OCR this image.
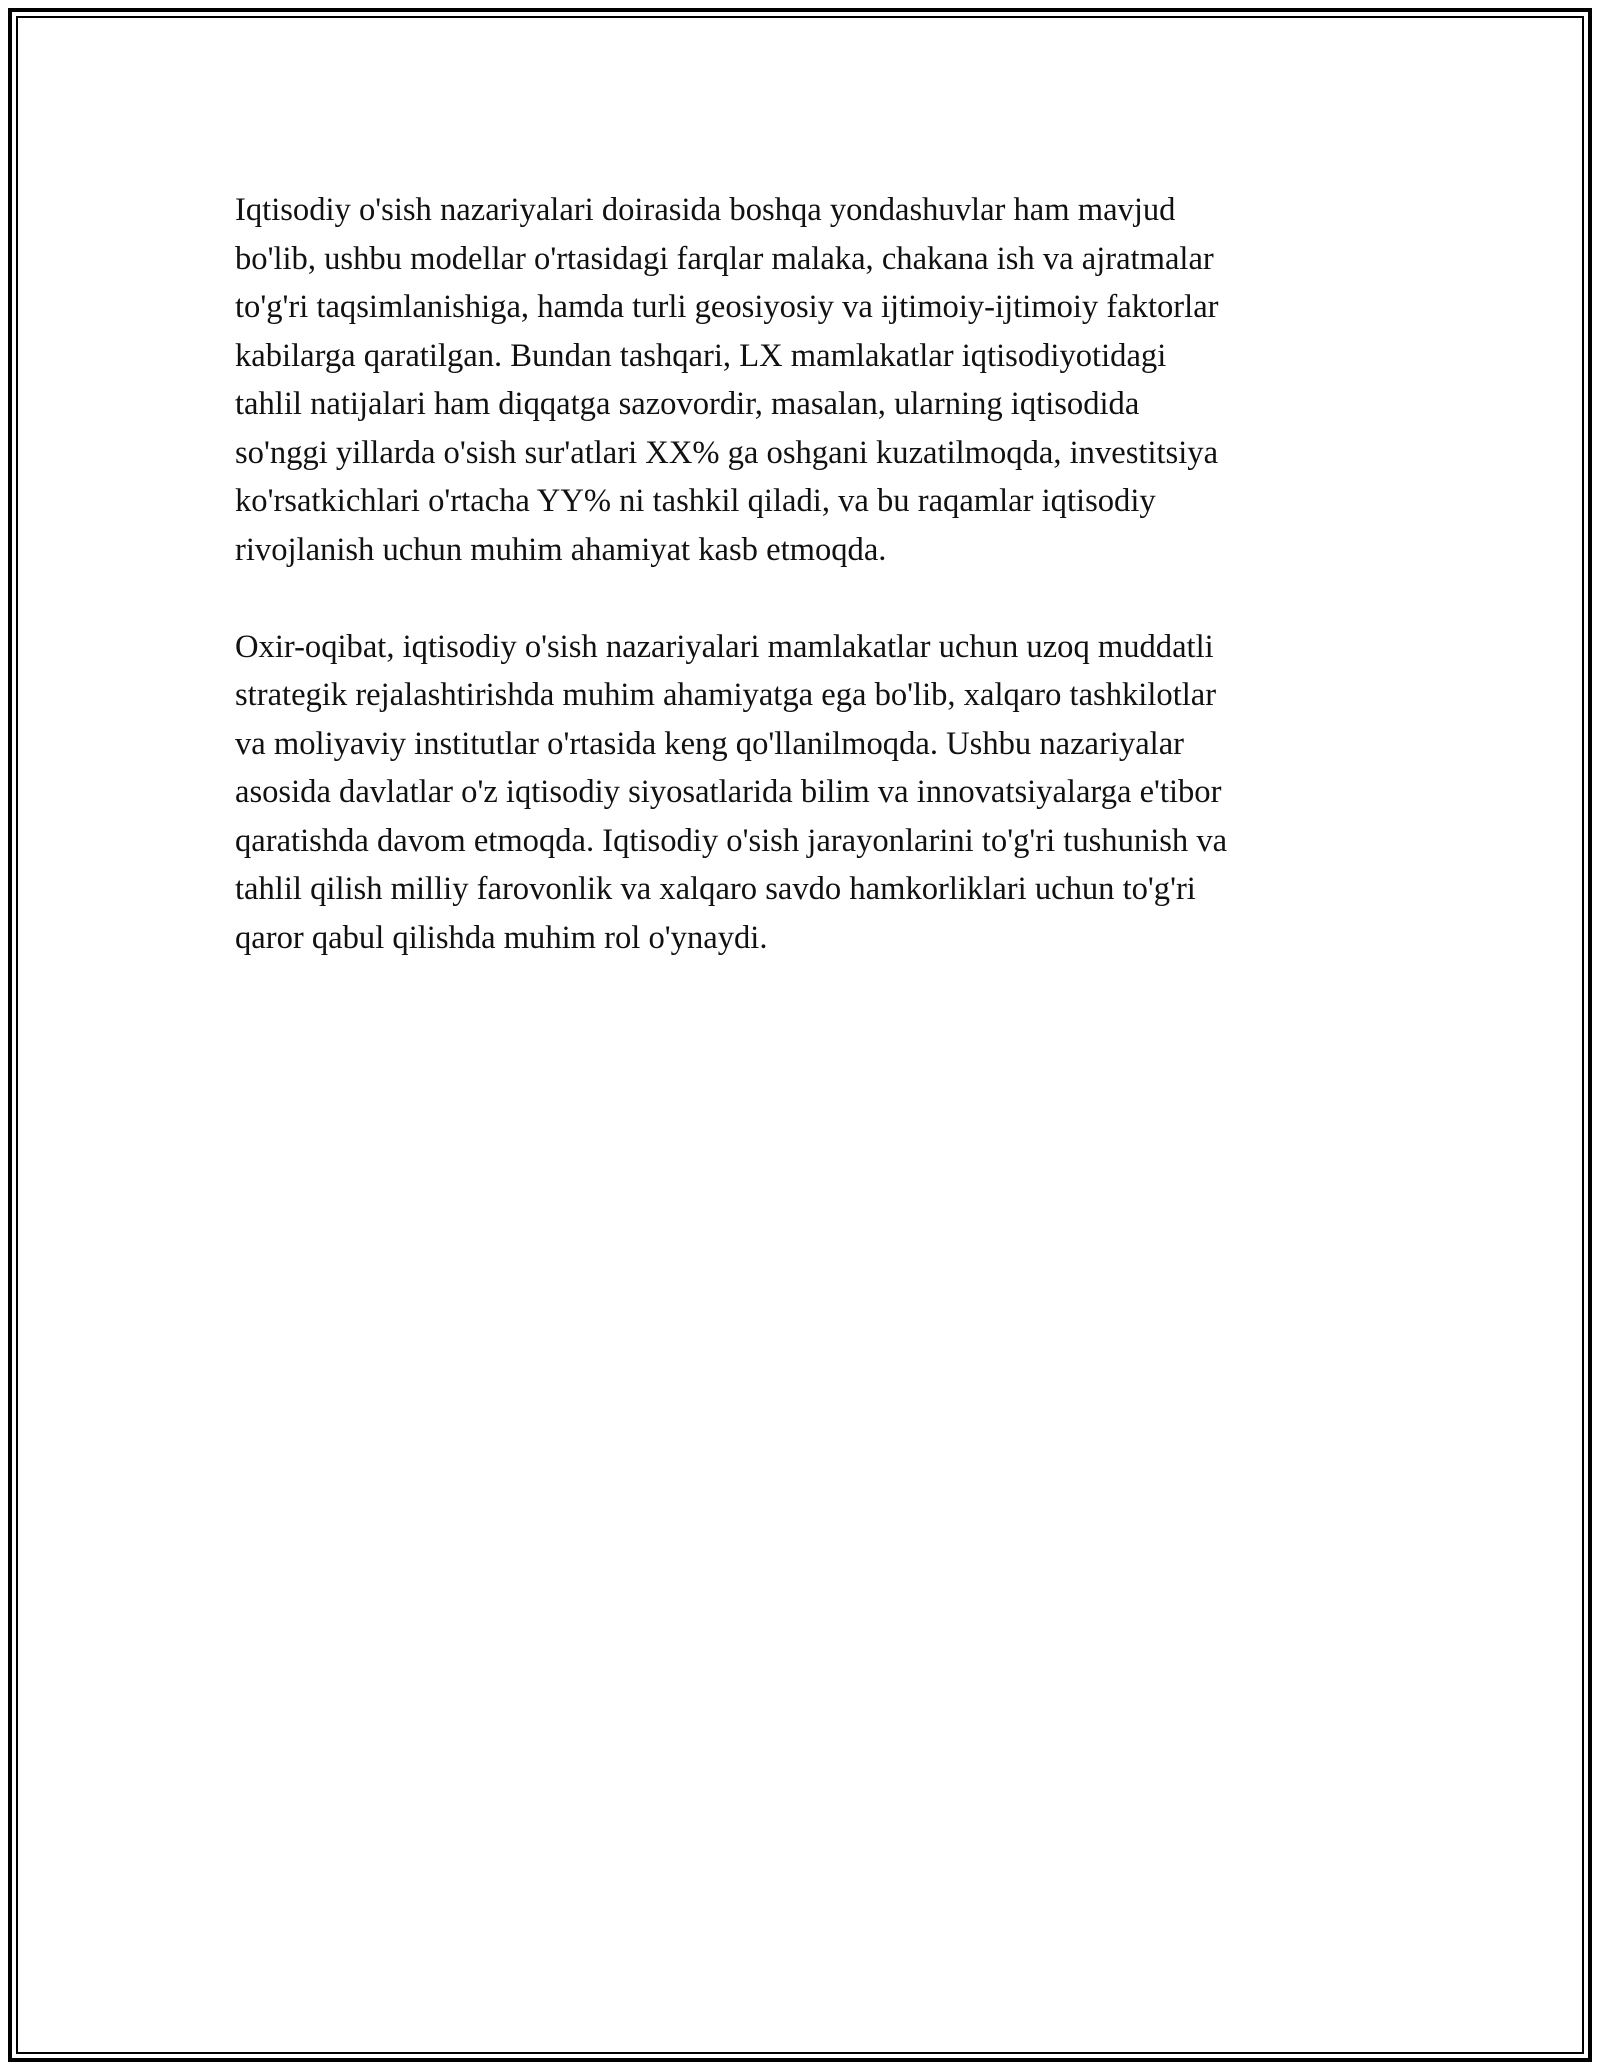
Iqtisodiy o'sish nazariyalari doirasida boshqa yondashuvlar ham mavjud
bo'lib, ushbu modellar o'rtasidagi farqlar malaka, chakana ish va ajratmalar
to'g'ri taqsimlanishiga, hamda turli geosiyosiy va ijtimoiy-ijtimoiy faktorlar
kabilarga qaratilgan. Bundan tashqari, LX mamlakatlar iqtisodiyotidagi
tahlil natijalari ham diqqatga sazovordir, masalan, ularning iqtisodida
so'nggi yillarda o'sish sur'atlari XX% ga oshgani kuzatilmoqda, investitsiya
ko'rsatkichlari o'rtacha YY% ni tashkil qiladi, va bu raqamlar iqtisodiy
rivojlanish uchun muhim ahamiyat kasb etmoqda.

Oxir-oqibat, iqtisodiy o'sish nazariyalari mamlakatlar uchun uzoq muddatli
strategik rejalashtirishda muhim ahamiyatga ega bo'lib, xalqaro tashkilotlar
va moliyaviy institutlar o'rtasida keng qo'llanilmoqda. Ushbu nazariyalar
asosida davlatlar o'z iqtisodiy siyosatlarida bilim va innovatsiyalarga e'tibor
qaratishda davom etmoqda. Iqtisodiy o'sish jarayonlarini to'g'ri tushunish va
tahlil qilish milliy farovonlik va xalqaro savdo hamkorliklari uchun to'g'ri
qaror qabul qilishda muhim rol o'ynaydi.
